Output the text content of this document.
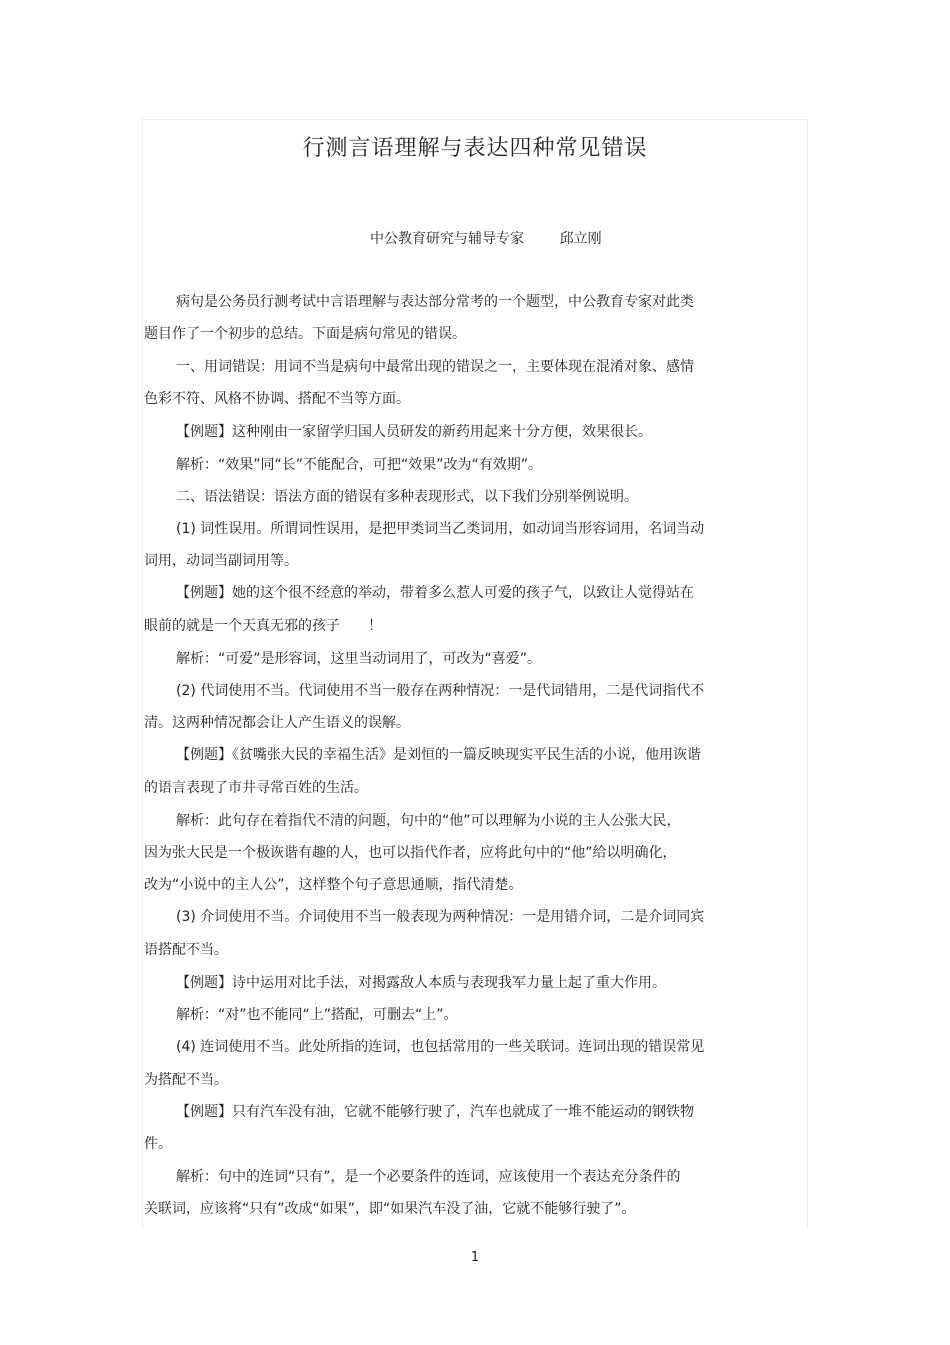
行测言语理解与表达四种常见错误
中公教育研究与辅导专家        邱立刚
病句是公务员行测考试中言语理解与表达部分常考的一个题型，中公教育专家对此类
题目作了一个初步的总结。下面是病句常见的错误。
一、用词错误：用词不当是病句中最常出现的错误之一，主要体现在混淆对象、感情
色彩不符、风格不协调、搭配不当等方面。
【例题】这种刚由一家留学归国人员研发的新药用起来十分方便，效果很长。
解析：“效果”同“长”不能配合，可把“效果”改为“有效期”。
二、语法错误：语法方面的错误有多种表现形式，以下我们分别举例说明。
(1) 词性误用。所谓词性误用，是把甲类词当乙类词用，如动词当形容词用，名词当动
词用，动词当副词用等。
【例题】她的这个很不经意的举动，带着多么惹人可爱的孩子气，以致让人觉得站在
眼前的就是一个天真无邪的孩子　　！
解析：“可爱”是形容词，这里当动词用了，可改为“喜爱”。
(2) 代词使用不当。代词使用不当一般存在两种情况：一是代词错用，二是代词指代不
清。这两种情况都会让人产生语义的误解。
【例题】《贫嘴张大民的幸福生活》是刘恒的一篇反映现实平民生活的小说，他用诙谐
的语言表现了市井寻常百姓的生活。
解析：此句存在着指代不清的问题，句中的“他”可以理解为小说的主人公张大民，
因为张大民是一个极诙谐有趣的人，也可以指代作者，应将此句中的“他”给以明确化，
改为“小说中的主人公”，这样整个句子意思通顺，指代清楚。
(3) 介词使用不当。介词使用不当一般表现为两种情况：一是用错介词，二是介词同宾
语搭配不当。
【例题】诗中运用对比手法，对揭露敌人本质与表现我军力量上起了重大作用。
解析：“对”也不能同“上”搭配，可删去“上”。
(4) 连词使用不当。此处所指的连词，也包括常用的一些关联词。连词出现的错误常见
为搭配不当。
【例题】只有汽车没有油，它就不能够行驶了，汽车也就成了一堆不能运动的钢铁物
件。
解析：句中的连词“只有”，是一个必要条件的连词，应该使用一个表达充分条件的
关联词，应该将“只有”改成“如果”，即“如果汽车没了油，它就不能够行驶了”。
1
